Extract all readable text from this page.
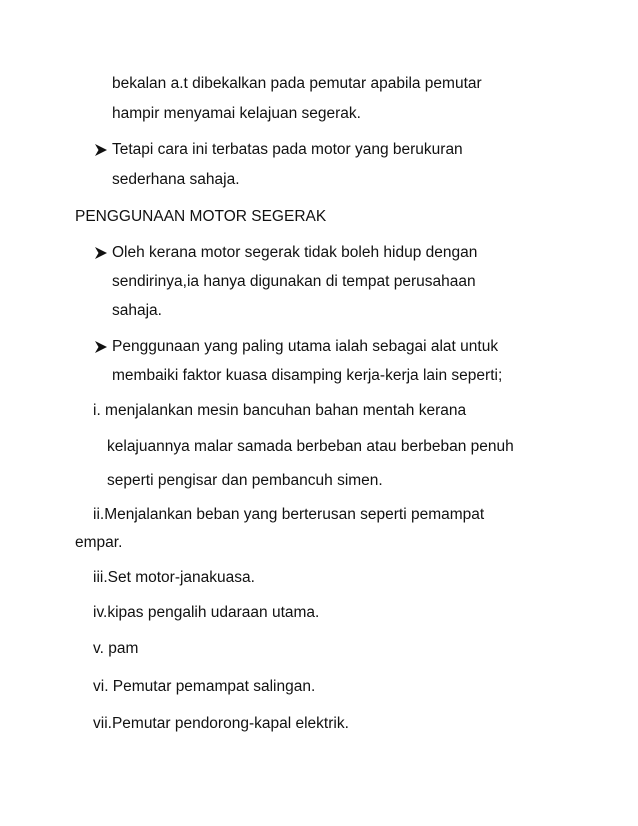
bekalan a.t dibekalkan pada pemutar apabila pemutar
hampir menyamai kelajuan segerak.
Tetapi cara ini terbatas pada motor yang berukuran
sederhana sahaja.
PENGGUNAAN MOTOR SEGERAK
Oleh kerana motor segerak tidak boleh hidup dengan
sendirinya,ia hanya digunakan di tempat perusahaan
sahaja.
Penggunaan yang paling utama ialah sebagai alat untuk
membaiki faktor kuasa disamping kerja-kerja lain seperti;
i. menjalankan mesin bancuhan bahan mentah kerana
kelajuannya malar samada berbeban atau berbeban penuh
seperti pengisar dan pembancuh simen.
ii.Menjalankan beban yang berterusan seperti pemampat
empar.
iii.Set motor-janakuasa.
iv.kipas pengalih udaraan utama.
v. pam
vi. Pemutar pemampat salingan.
vii.Pemutar pendorong-kapal elektrik.
